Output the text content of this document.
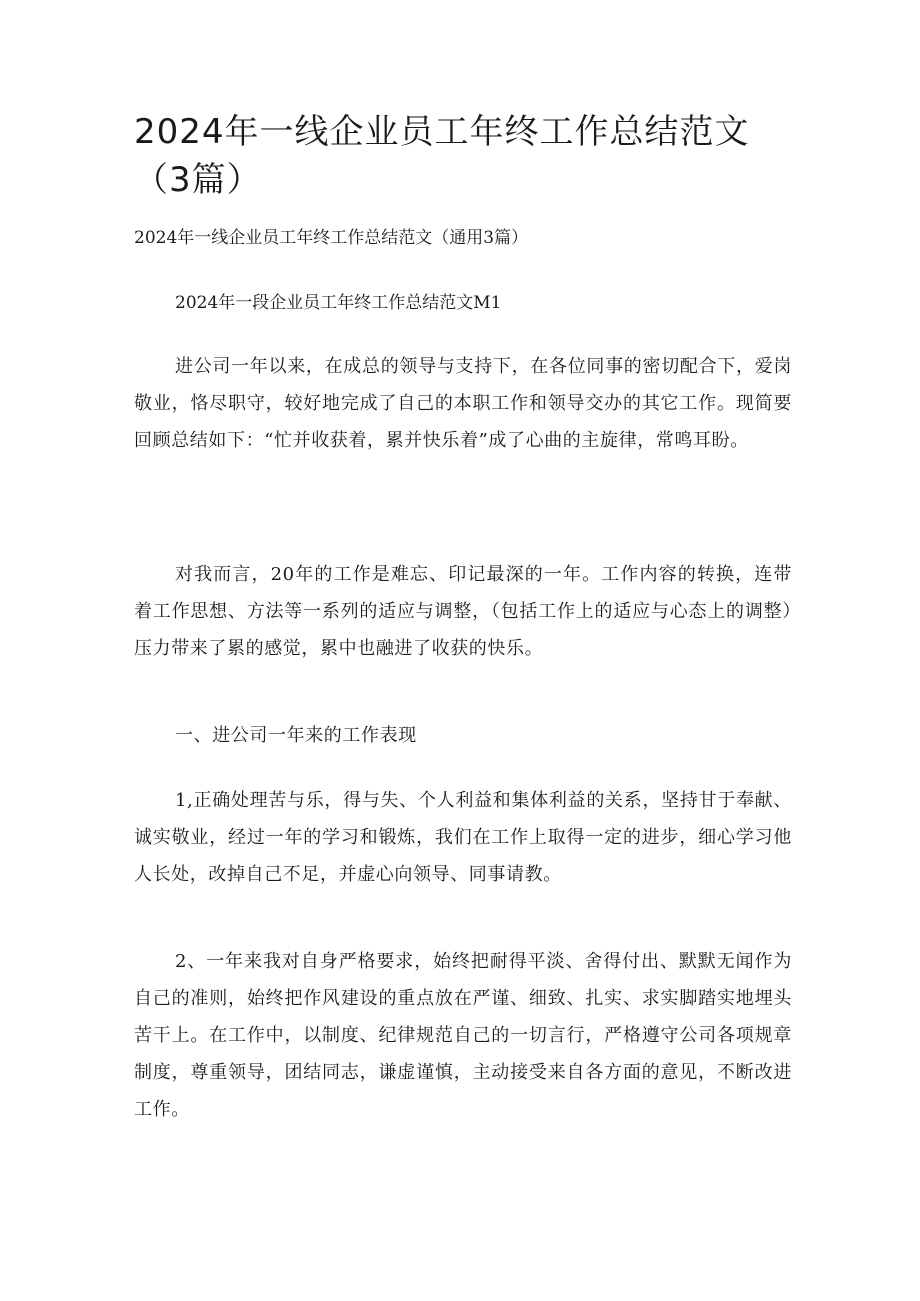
2024年一线企业员工年终工作总结范文（3篇）

2024年一线企业员工年终工作总结范文（通用3篇）

2024年一段企业员工年终工作总结范文M1

进公司一年以来，在成总的领导与支持下，在各位同事的密切配合下，爱岗敬业，恪尽职守，较好地完成了自己的本职工作和领导交办的其它工作。现简要回顾总结如下：“忙并收获着，累并快乐着”成了心曲的主旋律，常鸣耳盼。

对我而言，20年的工作是难忘、印记最深的一年。工作内容的转换，连带着工作思想、方法等一系列的适应与调整，（包括工作上的适应与心态上的调整）压力带来了累的感觉，累中也融进了收获的快乐。

一、进公司一年来的工作表现

1,正确处理苦与乐，得与失、个人利益和集体利益的关系，坚持甘于奉献、诚实敬业，经过一年的学习和锻炼，我们在工作上取得一定的进步，细心学习他人长处，改掉自己不足，并虚心向领导、同事请教。

2、一年来我对自身严格要求，始终把耐得平淡、舍得付出、默默无闻作为自己的准则，始终把作风建设的重点放在严谨、细致、扎实、求实脚踏实地埋头苦干上。在工作中，以制度、纪律规范自己的一切言行，严格遵守公司各项规章制度，尊重领导，团结同志，谦虚谨慎，主动接受来自各方面的意见，不断改进工作。
